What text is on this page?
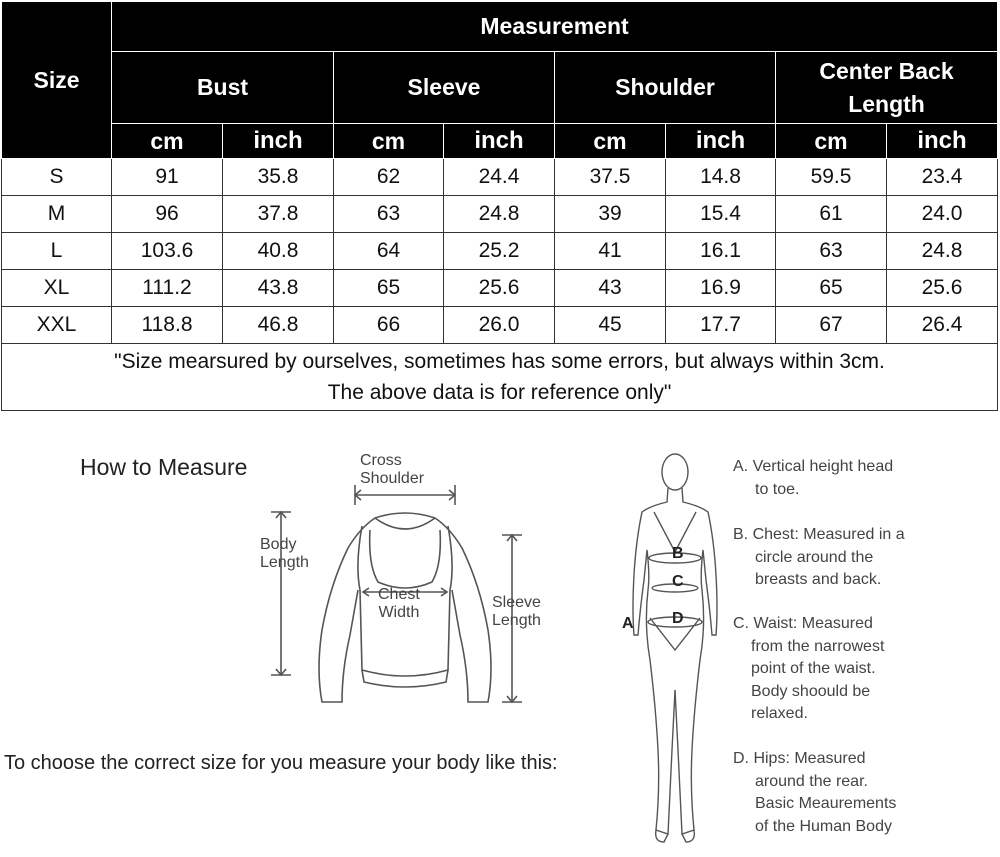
Size	Measurement							
	Bust		Sleeve		Shoulder		Center Back
Length	

	cm	inch	cm	inch	cm	inch	cm	inch
S	91	35.8	62	24.4	37.5	14.8	59.5	23.4
M	96	37.8	63	24.8	39	15.4	61	24.0
L	103.6	40.8	64	25.2	41	16.1	63	24.8
XL	111.2	43.8	65	25.6	43	16.9	65	25.6
XXL	118.8	46.8	66	26.0	45	17.7	67	26.4

"Size mearsured by ourselves, sometimes has some errors, but always within 3cm.
The above data is for reference only"								
How to Measure	Cross
Shoulder
Body
Length
Chest
Width
Sleeve
Length
To choose the correct size for you measure your body like this:
B
C
D
A
A. Vertical height head
to toe.
B. Chest: Measured in a
circle around the
breasts and back.
C. Waist: Measured
from the narrowest
point of the waist.
Body shoould be
relaxed.
D. Hips: Measured
around the rear.
Basic Meaurements
of the Human Body
